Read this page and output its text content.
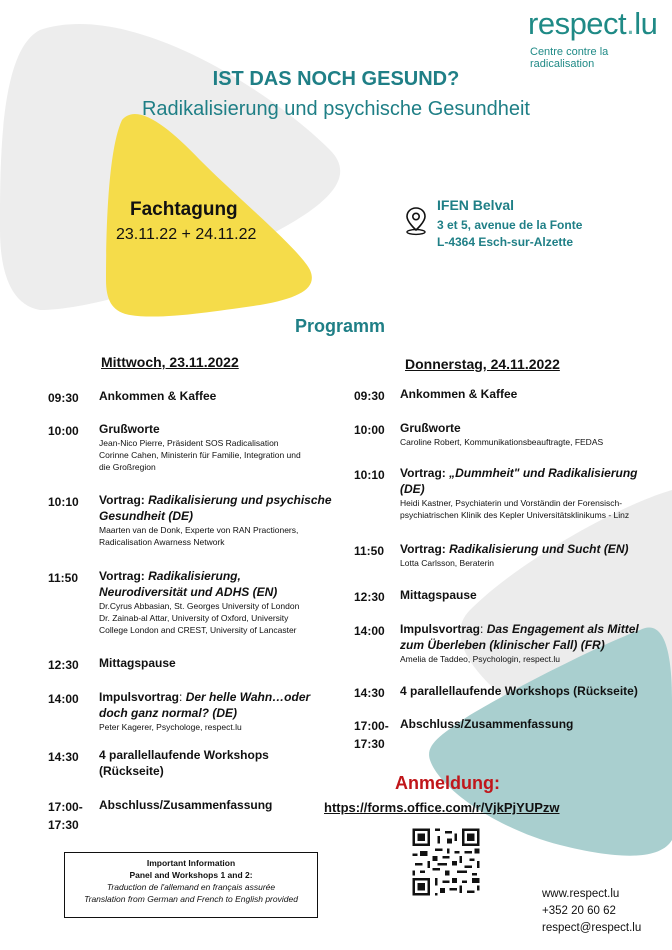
respect.lu
Centre contre la radicalisation
IST DAS NOCH GESUND?
Radikalisierung und psychische Gesundheit
Fachtagung
23.11.22 + 24.11.22
IFEN Belval
3 et 5, avenue de la Fonte
L-4364 Esch-sur-Alzette
Programm
Mittwoch, 23.11.2022	Donnerstag, 24.11.2022
09:30 Ankommen & Kaffee
10:00 Grußworte
Jean-Nico Pierre, Präsident SOS Radicalisation
Corinne Cahen, Ministerin für Familie, Integration und
die Großregion
10:10 Vortrag: Radikalisierung und psychische
Gesundheit (DE)
Maarten van de Donk, Experte von RAN Practioners,
Radicalisation Awarness Network
11:50 Vortrag: Radikalisierung,
Neurodiversität und ADHS (EN)
Dr.Cyrus Abbasian, St. Georges University of London
Dr. Zainab-al Attar, University of Oxford, University
College London and CREST, University of Lancaster
12:30 Mittagspause
14:00 Impulsvortrag: Der helle Wahn…oder
doch ganz normal? (DE)
Peter Kagerer, Psychologe, respect.lu
14:30 4 parallellaufende Workshops
(Rückseite)
17:00-
17:30
Abschluss/Zusammenfassung
09:30 Ankommen & Kaffee
10:00 Grußworte
Caroline Robert, Kommunikationsbeauftragte, FEDAS
10:10 Vortrag: „Dummheit" und Radikalisierung
(DE)
Heidi Kastner, Psychiaterin und Vorständin der Forensisch-
psychiatrischen Klinik des Kepler Universitätsklinikums - Linz
11:50 Vortrag: Radikalisierung und Sucht (EN)
Lotta Carlsson, Beraterin
12:30 Mittagspause
14:00 Impulsvortrag: Das Engagement als Mittel
zum Überleben (klinischer Fall) (FR)
Amelia de Taddeo, Psychologin, respect.lu
14:30 4 parallellaufende Workshops (Rückseite)
17:00-
17:30
Abschluss/Zusammenfassung
Anmeldung:
https://forms.office.com/r/VjkPjYUPzw
Important Information
Panel and Workshops 1 and 2:
Traduction de l'allemand en français assurée
Translation from German and French to English provided	www.respect.lu
+352 20 60 62
respect@respect.lu
